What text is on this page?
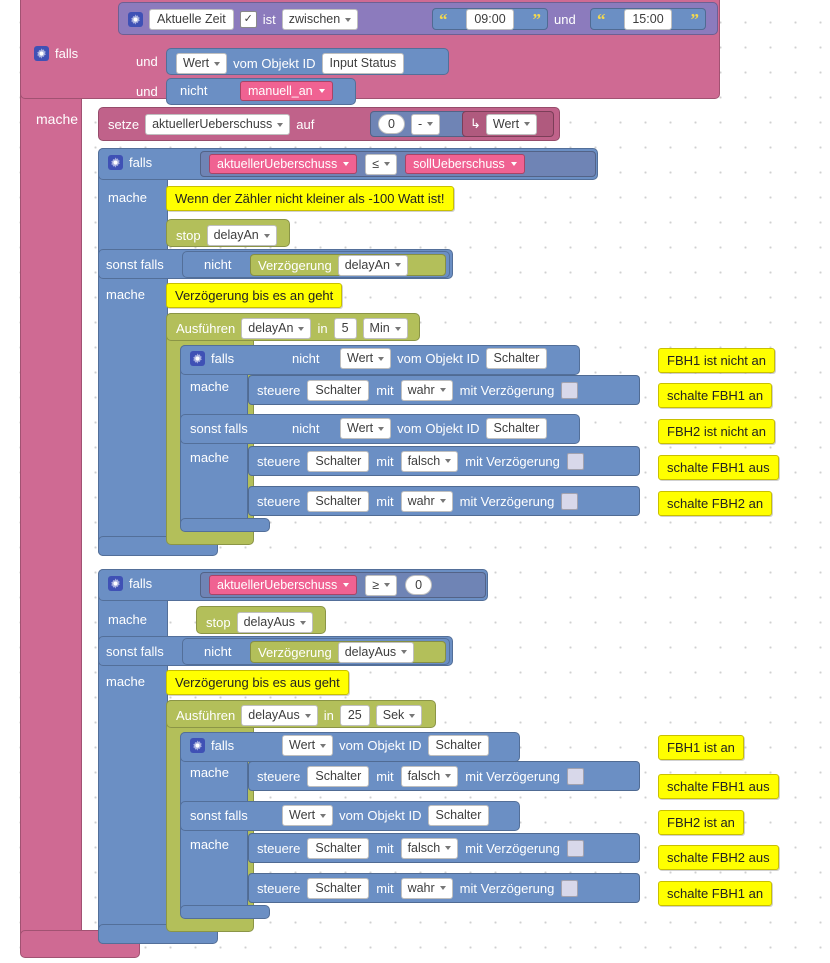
falls
mache
Aktuelle Zeit	✓ ist zwischen	“	09:00	” und “	15:00	”
und Wert vom Objekt ID	Input Status
und nicht	manuell_an
setze aktuellerUeberschuss auf	0	-	↳ Wert
falls	aktuellerUeberschuss	≤	sollUeberschuss
mache	Wenn der Zähler nicht kleiner als -100 Watt ist!
stop delayAn
sonst falls	nicht Verzögerung delayAn
mache	Verzögerung bis es an geht
Ausführen delayAn in	5	Min
falls	nicht Wert vom Objekt ID	Schalter
mache steuere	Schalter	mit wahr mit Verzögerung
sonst falls	nicht Wert vom Objekt ID	Schalter
mache steuere	Schalter	mit falsch mit Verzögerung
steuere	Schalter	mit wahr mit Verzögerung
FBH1 ist nicht an
schalte FBH1 an
FBH2 ist nicht an
schalte FBH1 aus
schalte FBH2 an
falls	aktuellerUeberschuss	≥	0
mache	stop delayAus
sonst falls	nicht Verzögerung delayAus
mache	Verzögerung bis es aus geht
Ausführen delayAus in	25	Sek
falls	Wert vom Objekt ID	Schalter
mache steuere	Schalter	mit falsch mit Verzögerung
sonst falls	Wert vom Objekt ID	Schalter
mache steuere	Schalter	mit falsch mit Verzögerung
steuere	Schalter	mit wahr mit Verzögerung
FBH1 ist an
schalte FBH1 aus
FBH2 ist an
schalte FBH2 aus
schalte FBH1 an
